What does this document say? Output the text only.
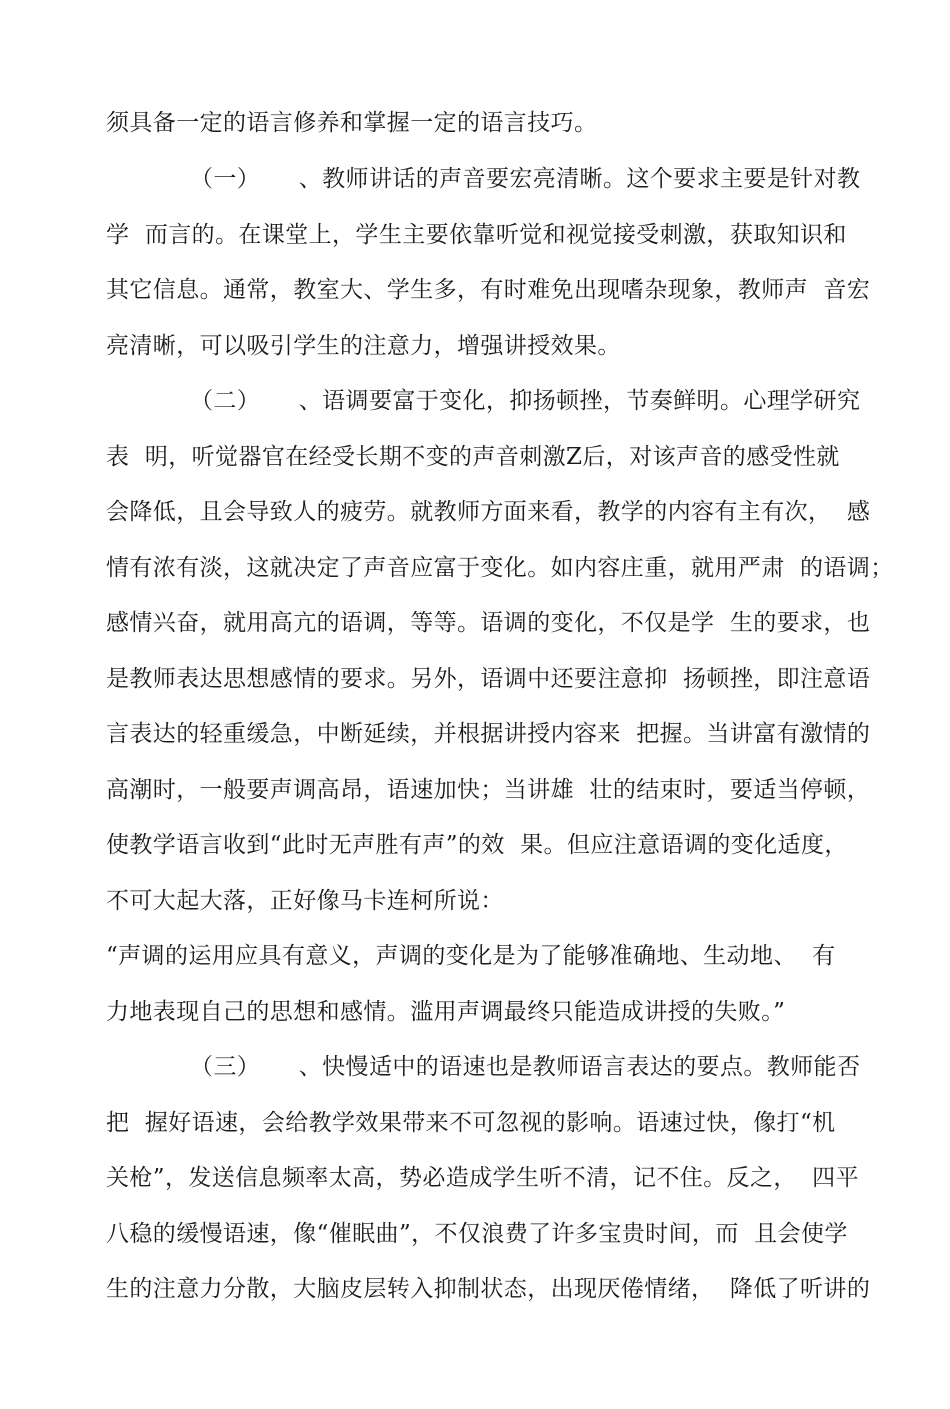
须具备一定的语言修养和掌握一定的语言技巧。
（一）     、教师讲话的声音要宏亮清晰。这个要求主要是针对教
学  而言的。在课堂上，学生主要依靠听觉和视觉接受刺激，获取知识和
其它信息。通常，教室大、学生多，有时难免出现嗜杂现象，教师声  音宏
亮清晰，可以吸引学生的注意力，增强讲授效果。
（二）     、语调要富于变化，抑扬顿挫，节奏鲜明。心理学研究
表  明，听觉器官在经受长期不变的声音刺激Z后，对该声音的感受性就
会降低，且会导致人的疲劳。就教师方面来看，教学的内容有主有次，  感
情有浓有淡，这就决定了声音应富于变化。如内容庄重，就用严肃  的语调；
感情兴奋，就用高亢的语调，等等。语调的变化，不仅是学  生的要求，也
是教师表达思想感情的要求。另外，语调中还要注意抑  扬顿挫，即注意语
言表达的轻重缓急，中断延续，并根据讲授内容来  把握。当讲富有激情的
高潮时，一般要声调高昂，语速加快；当讲雄  壮的结束时，要适当停顿，
使教学语言收到“此时无声胜有声”的效  果。但应注意语调的变化适度，
不可大起大落，正好像马卡连柯所说：
“声调的运用应具有意义，声调的变化是为了能够准确地、生动地、  有
力地表现自己的思想和感情。滥用声调最终只能造成讲授的失败。”
（三）     、快慢适中的语速也是教师语言表达的要点。教师能否
把  握好语速，会给教学效果带来不可忽视的影响。语速过快，像打“机
关枪”，发送信息频率太高，势必造成学生听不清，记不住。反之，  四平
八稳的缓慢语速，像“催眠曲”，不仅浪费了许多宝贵时间，而  且会使学
生的注意力分散，大脑皮层转入抑制状态，出现厌倦情绪，  降低了听讲的
